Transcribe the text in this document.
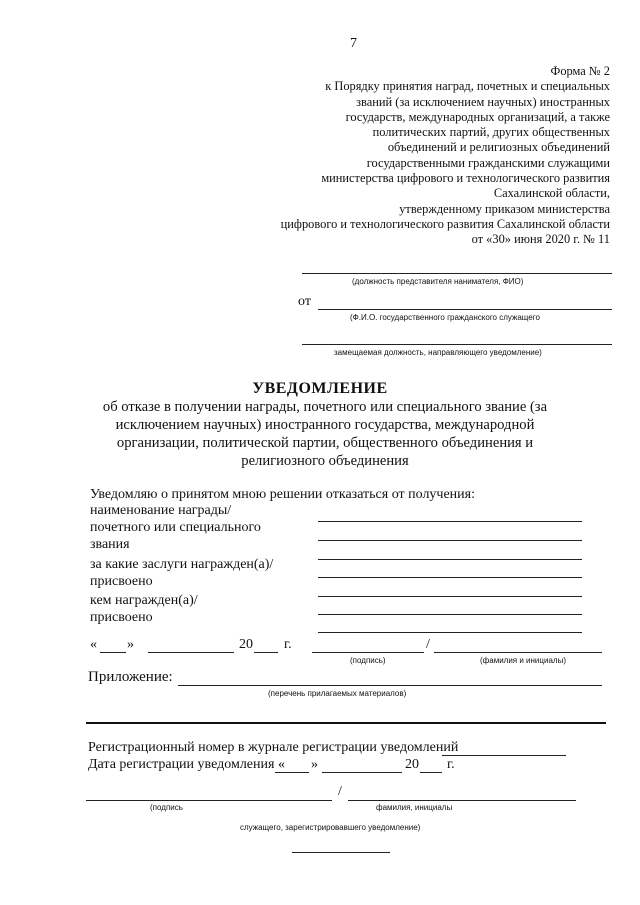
7
Форма № 2
к Порядку принятия наград, почетных и специальных
званий (за исключением научных) иностранных
государств, международных организаций, а также
политических партий, других общественных
объединений и религиозных объединений
государственными гражданскими служащими
министерства цифрового и технологического развития
Сахалинской области,
утвержденному приказом министерства
цифрового и технологического развития Сахалинской области
от «30» июня 2020 г. № 11
(должность представителя нанимателя, ФИО)
от
(Ф.И.О. государственного гражданского служащего
замещаемая должность, направляющего уведомление)
УВЕДОМЛЕНИЕ
об отказе в получении награды, почетного или специального звание (за
исключением научных) иностранного государства, международной
организации, политической партии, общественного объединения и
религиозного объединения
Уведомляю о принятом мною решении отказаться от получения:
наименование награды/
почетного или специального
звания
за какие заслуги награжден(а)/
присвоено
кем награжден(а)/
присвоено
« »	20 г.	/
(подпись)	(фамилия и инициалы)
Приложение:
(перечень прилагаемых материалов)
Регистрационный номер в журнале регистрации уведомлений
Дата регистрации уведомления « »	20 г.
/
(подпись	фамилия, инициалы
служащего, зарегистрировавшего уведомление)
